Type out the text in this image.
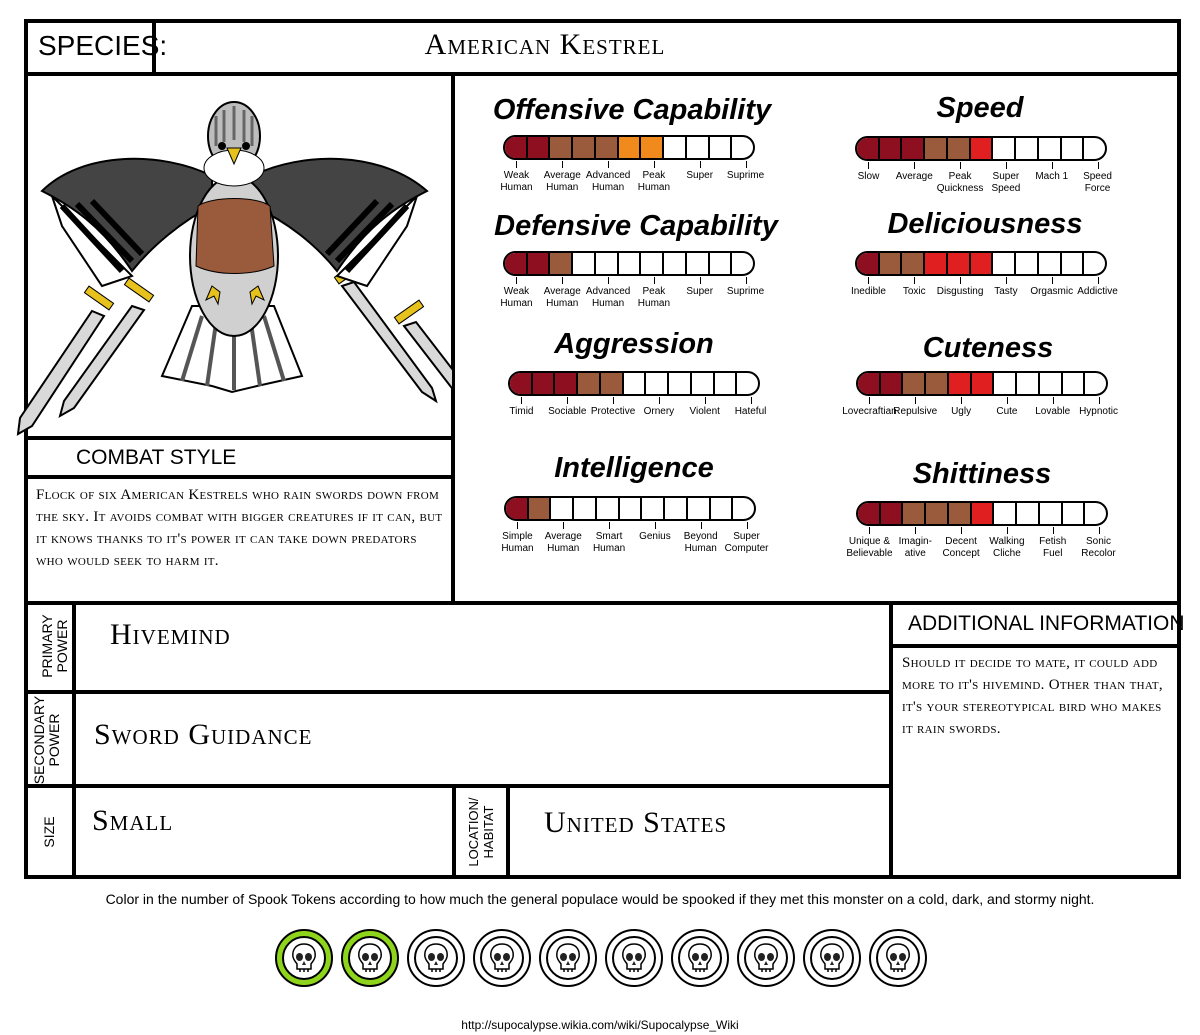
SPECIES:	American Kestrel
COMBAT STYLE
Flock of six American Kestrels who rain swords down from the sky. It avoids combat with bigger creatures if it can, but it knows thanks to it's power it can take down predators who would seek to harm it.
Offensive Capability
Weak
Human
Average
Human
Advanced
Human
Peak
Human
Super Suprime
Speed
Slow Average	Peak
Quickness
Super
Speed
Mach 1 Speed
Force
Defensive Capability
Weak
Human
Average
Human
Advanced
Human
Peak
Human
Super Suprime
Deliciousness
Inedible Toxic Disgusting Tasty Orgasmic Addictive
Aggression
Timid Sociable Protective Ornery Violent Hateful
Cuteness
Lovecraftian
Repulsive Ugly	Cute Lovable Hypnotic
Intelligence
Simple
Human
Average
Human
Smart
Human
Genius Beyond
Human
Super
Computer
Shittiness
Unique &
Believable
Imagin-
ative
Decent
Concept
Walking
Cliche
Fetish
Fuel
Sonic
Recolor
PRIMARY POWER Hivemind
SECONDARY POWER Sword Guidance
SIZE Small	LOCATION/ HABITAT United States
ADDITIONAL INFORMATION
Should it decide to mate, it could add more to it's hivemind. Other than that, it's your stereotypical bird who makes it rain swords.
Color in the number of Spook Tokens according to how much the general populace would be spooked if they met this monster on a cold, dark, and stormy night.
http://supocalypse.wikia.com/wiki/Supocalypse_Wiki
